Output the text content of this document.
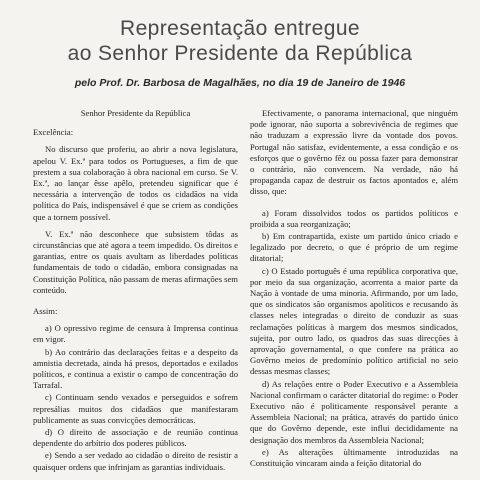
Representação entregue
ao Senhor Presidente da República
pelo Prof. Dr. Barbosa de Magalhães, no dia 19 de Janeiro de 1946

Senhor Presidente da República

Excelência:

No discurso que proferiu, ao abrir a nova legislatura, apelou V. Ex.ª para todos os Portugueses, a fim de que prestem a sua colaboração à obra nacional em curso. Se V. Ex.ª, ao lançar êsse apêlo, pretendeu significar que é necessária a intervenção de todos os cidadãos na vida política do País, indispensável é que se criem as condições que a tornem possível.

V. Ex.ª não desconhece que subsistem tôdas as circunstâncias que até agora a teem impedido. Os direitos e garantias, entre os quais avultam as liberdades políticas fundamentais de todo o cidadão, embora consignadas na Constituição Política, não passam de meras afirmações sem conteúdo.

Assim:

a) O opressivo regime de censura à Imprensa continua em vigor.

b) Ao contrário das declarações feitas e a despeito da amnistia decretada, ainda há presos, deportados e exilados políticos, e continua a existir o campo de concentração do Tarrafal.

c) Continuam sendo vexados e perseguidos e sofrem represálias muitos dos cidadãos que manifestaram publicamente as suas convicções democráticas.

d) O direito de associação e de reunião continua dependente do arbítrio dos poderes públicos.

e) Sendo a ser vedado ao cidadão o direito de resistir a quaisquer ordens que infrinjam as garantias individuais.

Efectivamente, o panorama internacional, que ninguém pode ignorar, não suporta a sobrevivência de regimes que não traduzam a expressão livre da vontade dos povos. Portugal não satisfaz, evidentemente, a essa condição e os esforços que o govêrno fêz ou possa fazer para demonstrar o contrário, não convencem. Na verdade, não há propaganda capaz de destruir os factos apontados e, além disso, que:

a) Foram dissolvidos todos os partidos políticos e proibida a sua reorganização;

b) Em contrapartida, existe um partido único criado e legalizado por decreto, o que é próprio de um regime ditatorial;

c) O Estado português é uma república corporativa que, por meio da sua organização, acorrenta a maior parte da Nação à vontade de uma minoria. Afirmando, por um lado, que os sindicatos são organismos apolíticos e recusando às classes neles integradas o direito de conduzir as suas reclamações políticas à margem dos mesmos sindicados, sujeita, por outro lado, os quadros das suas direcções à aprovação governamental, o que confere na prática ao Govêrno meios de predomínio político artificial no seio dessas mesmas classes;

d) As relações entre o Poder Executivo e a Assembleia Nacional confirmam o carácter ditatorial do regime: o Poder Executivo não é politicamente responsável perante a Assembleia Nacional; na prática, através do partido único que do Govêrno depende, este influi decididamente na designação dos membros da Assembleia Nacional;

e) As alterações ùltimamente introduzidas na Constituição vincaram ainda a feição ditatorial do
